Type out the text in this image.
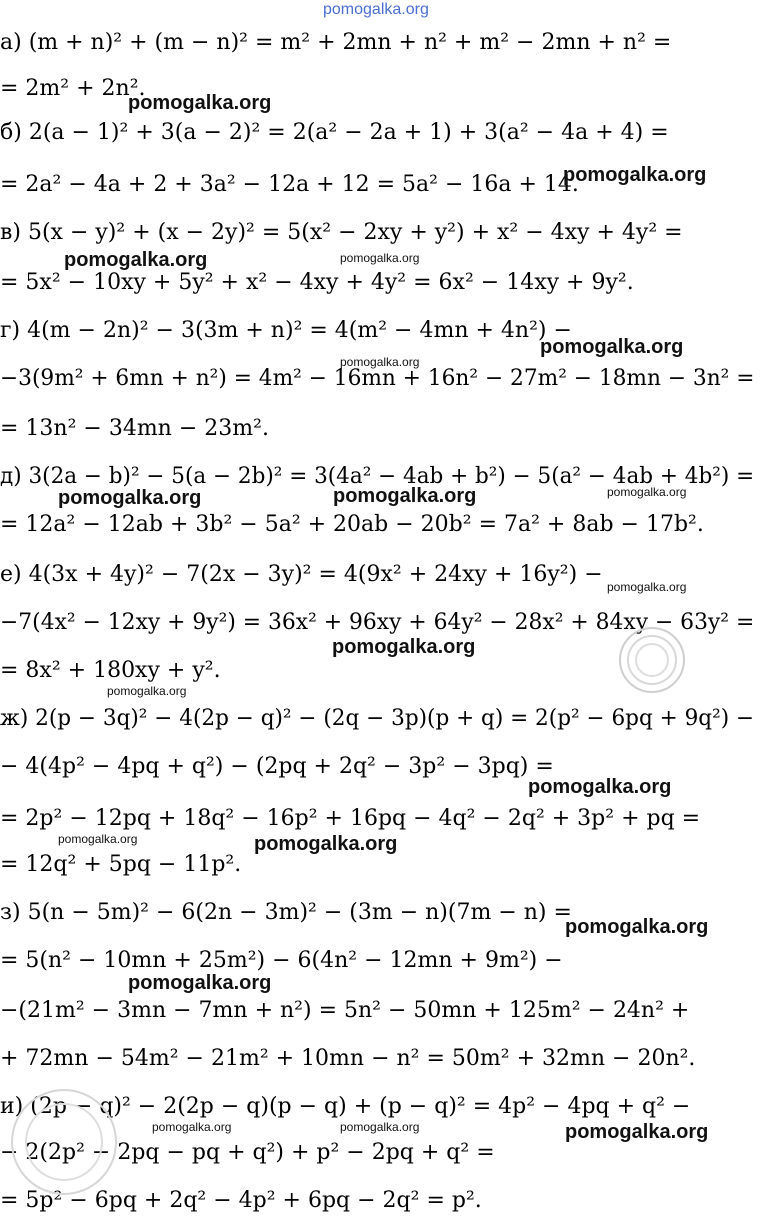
pomogalka.org
а) (m + n)² + (m − n)² = m² + 2mn + n² + m² − 2mn + n² =
= 2m² + 2n².
б) 2(a − 1)² + 3(a − 2)² = 2(a² − 2a + 1) + 3(a² − 4a + 4) =
= 2a² − 4a + 2 + 3a² − 12a + 12 = 5a² − 16a + 14.
в) 5(x − y)² + (x − 2y)² = 5(x² − 2xy + y²) + x² − 4xy + 4y² =
= 5x² − 10xy + 5y² + x² − 4xy + 4y² = 6x² − 14xy + 9y².
г) 4(m − 2n)² − 3(3m + n)² = 4(m² − 4mn + 4n²) −
−3(9m² + 6mn + n²) = 4m² − 16mn + 16n² − 27m² − 18mn − 3n² =
= 13n² − 34mn − 23m².
д) 3(2a − b)² − 5(a − 2b)² = 3(4a² − 4ab + b²) − 5(a² − 4ab + 4b²) =
= 12a² − 12ab + 3b² − 5a² + 20ab − 20b² = 7a² + 8ab − 17b².
е) 4(3x + 4y)² − 7(2x − 3y)² = 4(9x² + 24xy + 16y²) −
−7(4x² − 12xy + 9y²) = 36x² + 96xy + 64y² − 28x² + 84xy − 63y² =
= 8x² + 180xy + y².
ж) 2(p − 3q)² − 4(2p − q)² − (2q − 3p)(p + q) = 2(p² − 6pq + 9q²) −
− 4(4p² − 4pq + q²) − (2pq + 2q² − 3p² − 3pq) =
= 2p² − 12pq + 18q² − 16p² + 16pq − 4q² − 2q² + 3p² + pq =
= 12q² + 5pq − 11p².
з) 5(n − 5m)² − 6(2n − 3m)² − (3m − n)(7m − n) =
= 5(n² − 10mn + 25m²) − 6(4n² − 12mn + 9m²) −
−(21m² − 3mn − 7mn + n²) = 5n² − 50mn + 125m² − 24n² +
+ 72mn − 54m² − 21m² + 10mn − n² = 50m² + 32mn − 20n².
и) (2p − q)² − 2(2p − q)(p − q) + (p − q)² = 4p² − 4pq + q² −
− 2(2p² − 2pq − pq + q²) + p² − 2pq + q² =
= 5p² − 6pq + 2q² − 4p² + 6pq − 2q² = p².
pomogalka.org
pomogalka.org
pomogalka.org	pomogalka.org
pomogalka.org
pomogalka.org
pomogalka.org	pomogalka.org	pomogalka.org
pomogalka.org
pomogalka.org
pomogalka.org
pomogalka.org
pomogalka.org	pomogalka.org
pomogalka.org
pomogalka.org
pomogalka.org	pomogalka.org	pomogalka.org
